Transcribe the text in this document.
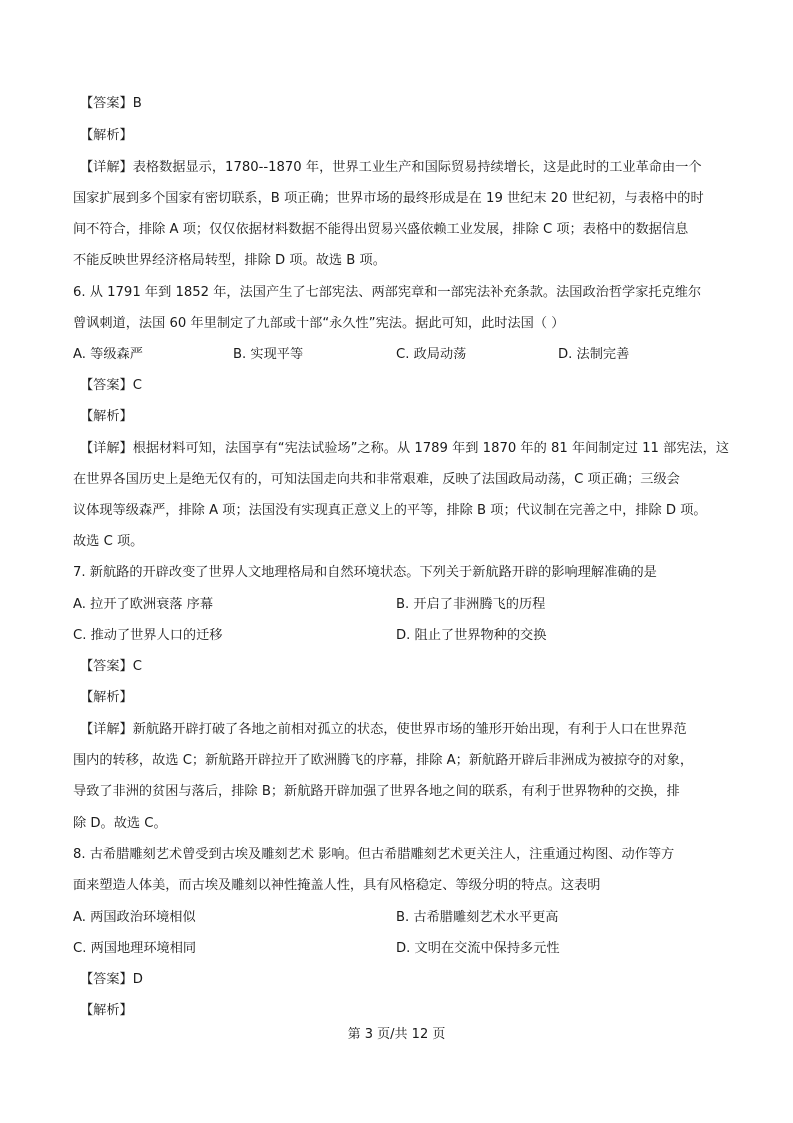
【答案】B
【解析】
【详解】表格数据显示，1780--1870 年，世界工业生产和国际贸易持续增长，这是此时的工业革命由一个
国家扩展到多个国家有密切联系，B 项正确；世界市场的最终形成是在 19 世纪末 20 世纪初，与表格中的时
间不符合，排除 A 项；仅仅依据材料数据不能得出贸易兴盛依赖工业发展，排除 C 项；表格中的数据信息
不能反映世界经济格局转型，排除 D 项。故选 B 项。
6. 从 1791 年到 1852 年，法国产生了七部宪法、两部宪章和一部宪法补充条款。法国政治哲学家托克维尔
曾讽刺道，法国 60 年里制定了九部或十部“永久性”宪法。据此可知，此时法国（ ）
A. 等级森严	B. 实现平等	C. 政局动荡	D. 法制完善
【答案】C
【解析】
【详解】根据材料可知，法国享有“宪法试验场”之称。从 1789 年到 1870 年的 81 年间制定过 11 部宪法，这
在世界各国历史上是绝无仅有的，可知法国走向共和非常艰难，反映了法国政局动荡，C 项正确；三级会
议体现等级森严，排除 A 项；法国没有实现真正意义上的平等，排除 B 项；代议制在完善之中，排除 D 项。
故选 C 项。
7. 新航路的开辟改变了世界人文地理格局和自然环境状态。下列关于新航路开辟的影响理解准确的是
A. 拉开了欧洲衰落 序幕	B. 开启了非洲腾飞的历程
C. 推动了世界人口的迁移	D. 阻止了世界物种的交换
【答案】C
【解析】
【详解】新航路开辟打破了各地之前相对孤立的状态，使世界市场的雏形开始出现，有利于人口在世界范
围内的转移，故选 C；新航路开辟拉开了欧洲腾飞的序幕，排除 A；新航路开辟后非洲成为被掠夺的对象，
导致了非洲的贫困与落后，排除 B；新航路开辟加强了世界各地之间的联系，有利于世界物种的交换，排
除 D。故选 C。
8. 古希腊雕刻艺术曾受到古埃及雕刻艺术 影响。但古希腊雕刻艺术更关注人，注重通过构图、动作等方
面来塑造人体美，而古埃及雕刻以神性掩盖人性，具有风格稳定、等级分明的特点。这表明
A. 两国政治环境相似	B. 古希腊雕刻艺术水平更高
C. 两国地理环境相同	D. 文明在交流中保持多元性
【答案】D
【解析】
第 3 页/共 12 页
